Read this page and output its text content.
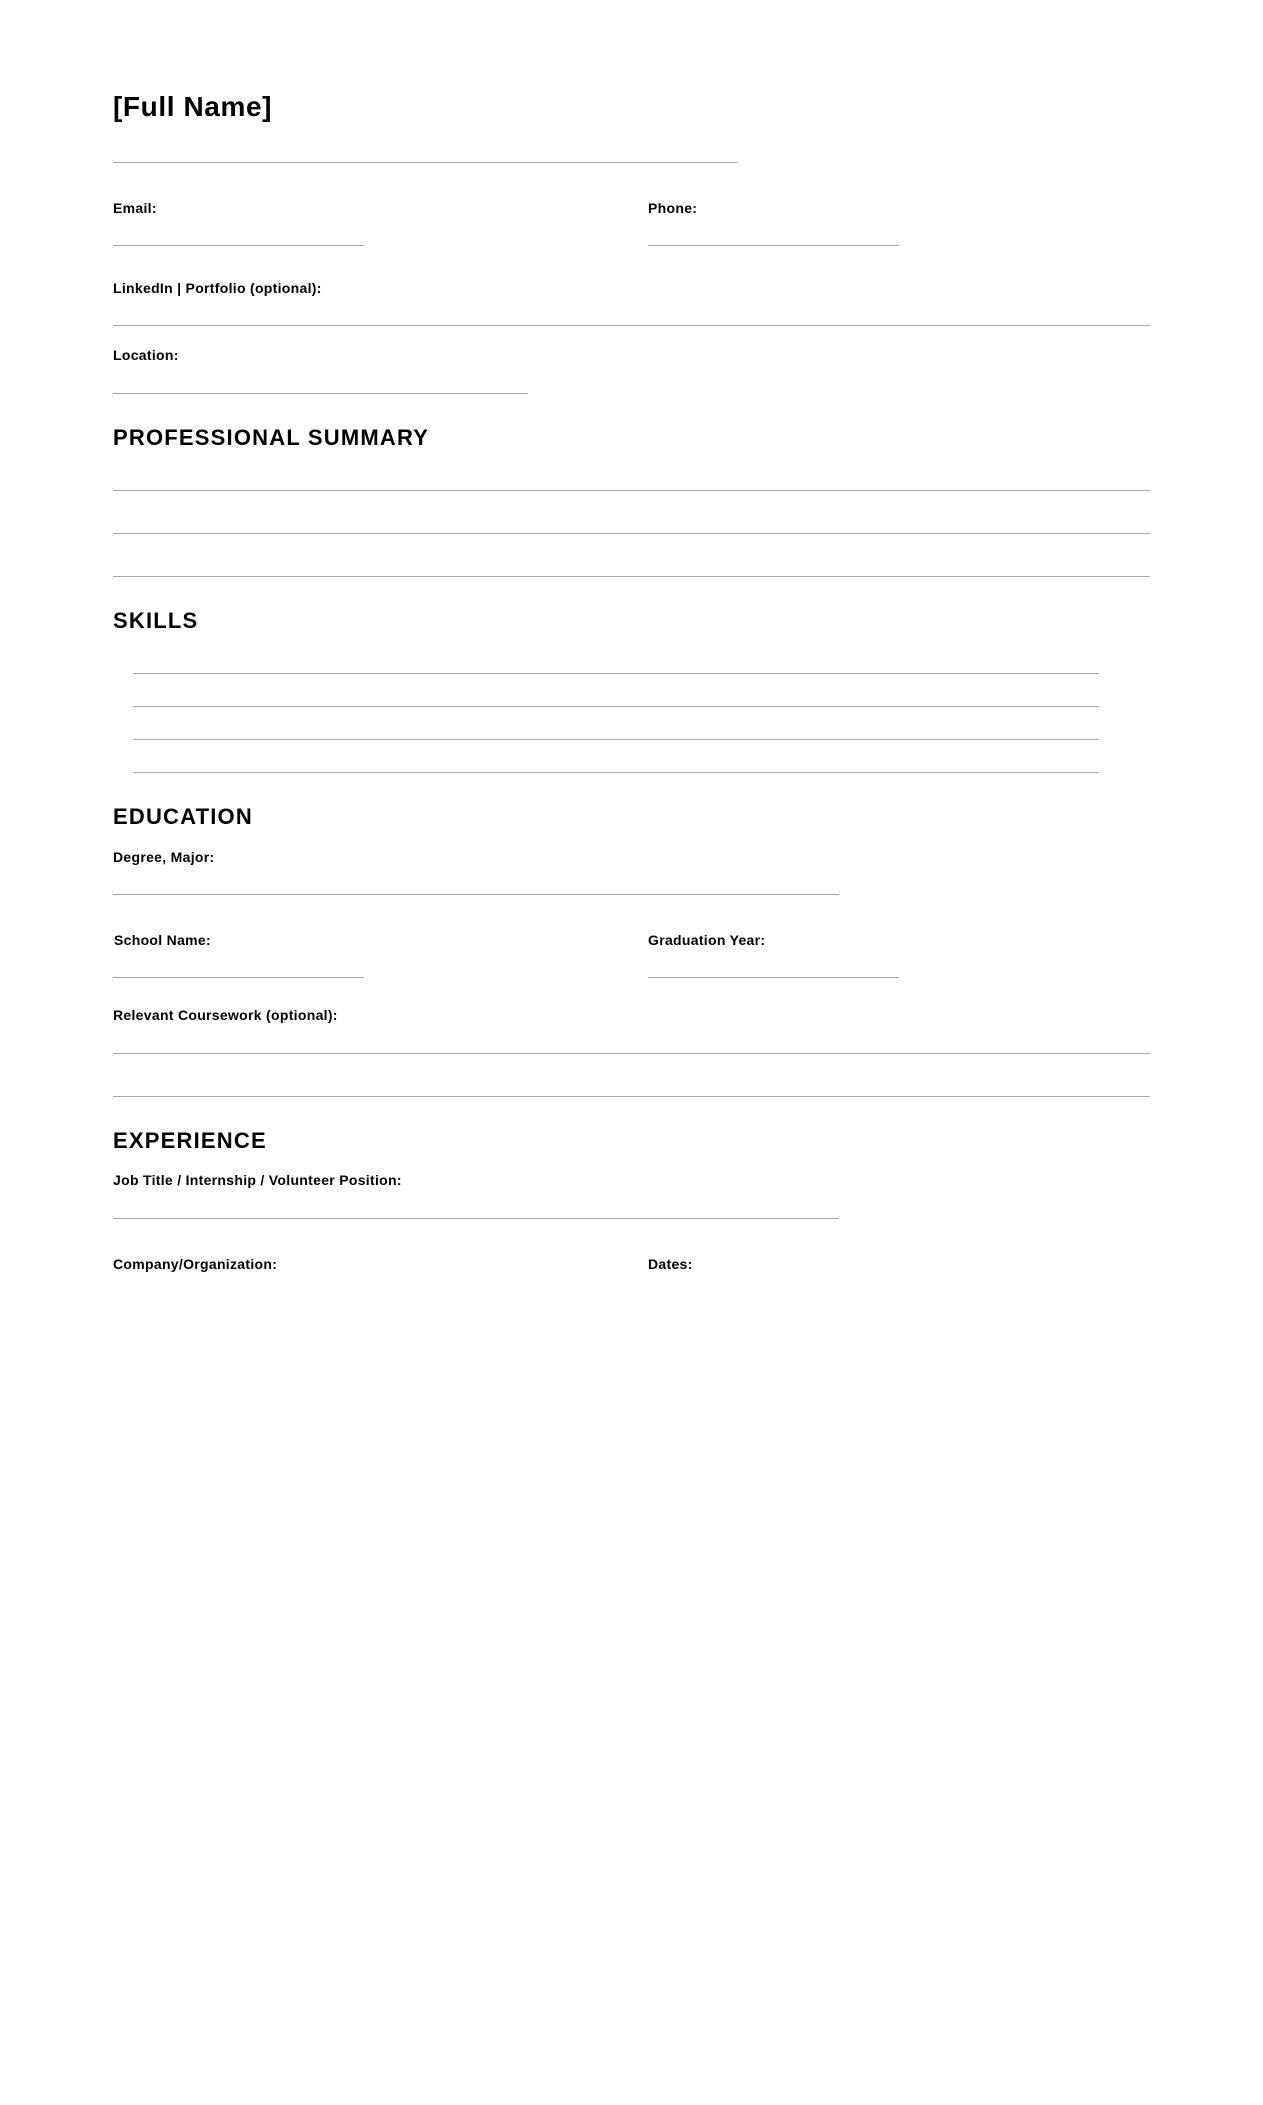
[Full Name]
Email:	Phone:
LinkedIn | Portfolio (optional):
Location:
PROFESSIONAL SUMMARY
SKILLS
EDUCATION
Degree, Major:
School Name:	Graduation Year:
Relevant Coursework (optional):
EXPERIENCE
Job Title / Internship / Volunteer Position:
Company/Organization:	Dates:
